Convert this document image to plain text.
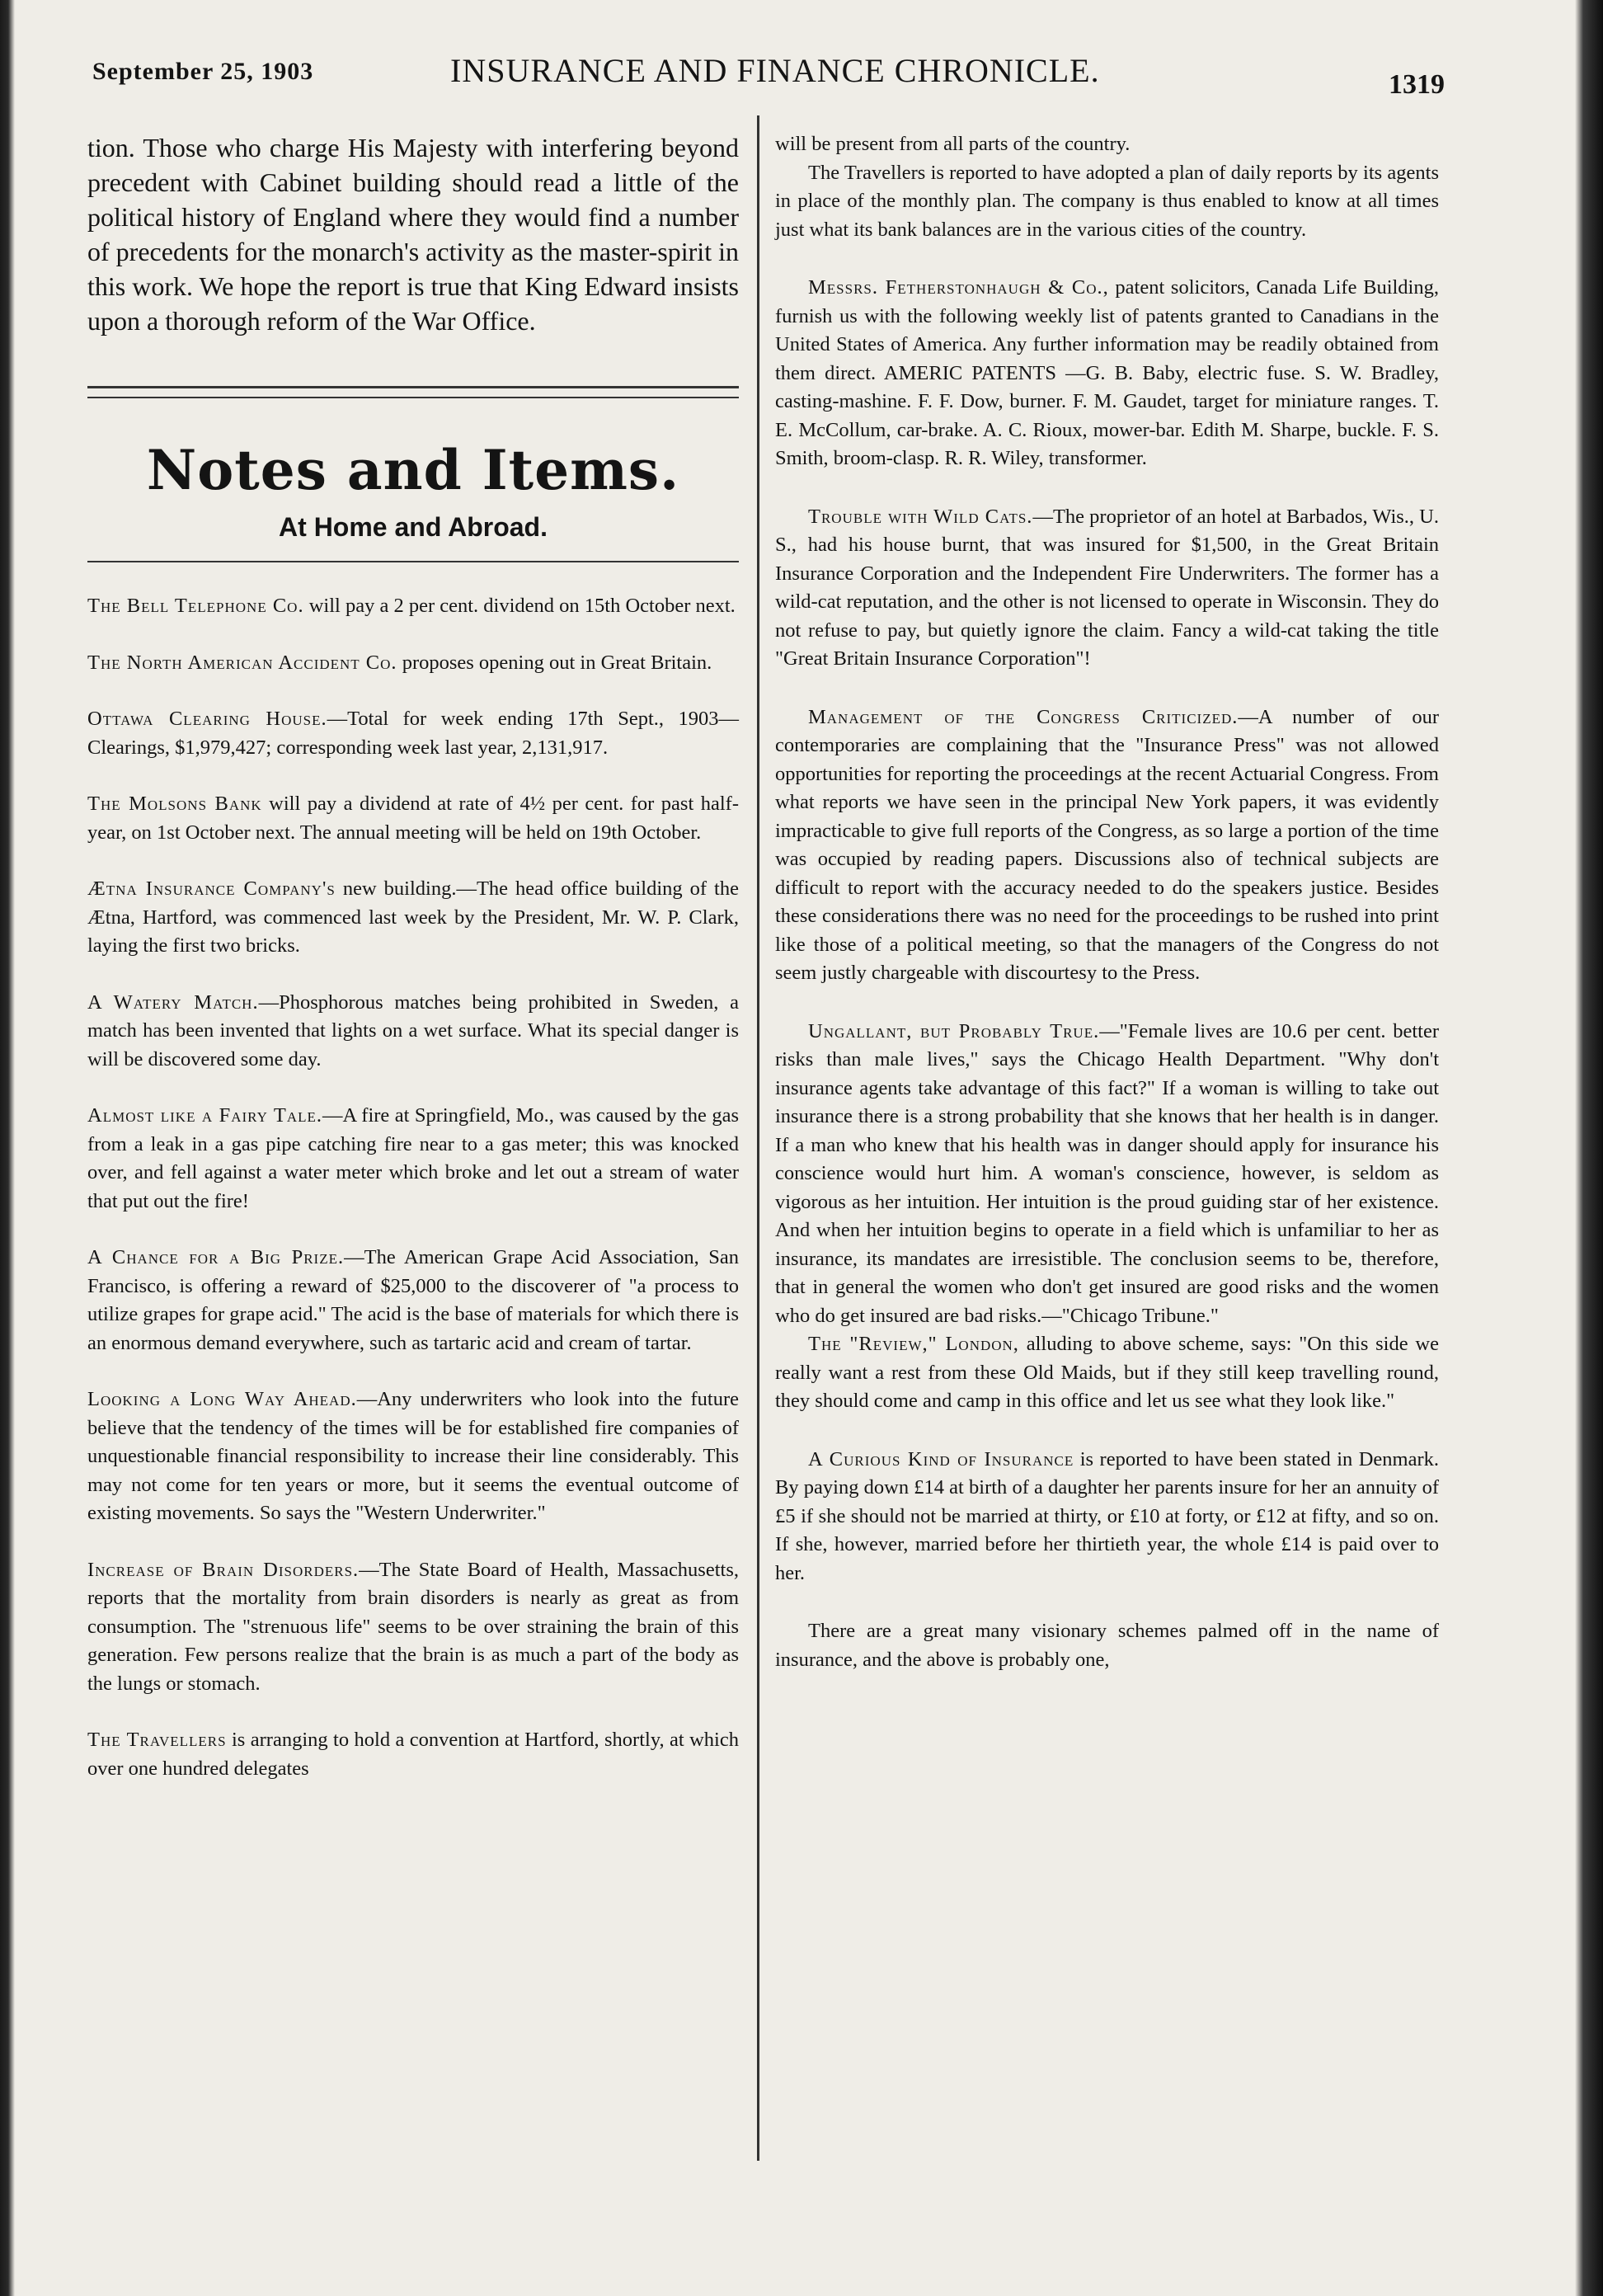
September 25, 1903	INSURANCE AND FINANCE CHRONICLE.	1319

tion. Those who charge His Majesty with interfering beyond precedent with Cabinet building should read a little of the political history of England where they would find a number of precedents for the monarch's activity as the master-spirit in this work. We hope the report is true that King Edward insists upon a thorough reform of the War Office.

Notes and Items.
At Home and Abroad.

The Bell Telephone Co. will pay a 2 per cent. dividend on 15th October next.

The North American Accident Co. proposes opening out in Great Britain.

Ottawa Clearing House.—Total for week ending 17th Sept., 1903—Clearings, $1,979,427; corresponding week last year, 2,131,917.

The Molsons Bank will pay a dividend at rate of 4½ per cent. for past half-year, on 1st October next. The annual meeting will be held on 19th October.

Ætna Insurance Company's new building.—The head office building of the Ætna, Hartford, was commenced last week by the President, Mr. W. P. Clark, laying the first two bricks.

A Watery Match.—Phosphorous matches being prohibited in Sweden, a match has been invented that lights on a wet surface. What its special danger is will be discovered some day.

Almost like a Fairy Tale.—A fire at Springfield, Mo., was caused by the gas from a leak in a gas pipe catching fire near to a gas meter; this was knocked over, and fell against a water meter which broke and let out a stream of water that put out the fire!

A Chance for a Big Prize.—The American Grape Acid Association, San Francisco, is offering a reward of $25,000 to the discoverer of "a process to utilize grapes for grape acid." The acid is the base of materials for which there is an enormous demand everywhere, such as tartaric acid and cream of tartar.

Looking a Long Way Ahead.—Any underwriters who look into the future believe that the tendency of the times will be for established fire companies of unquestionable financial responsibility to increase their line considerably. This may not come for ten years or more, but it seems the eventual outcome of existing movements. So says the "Western Underwriter."

Increase of Brain Disorders.—The State Board of Health, Massachusetts, reports that the mortality from brain disorders is nearly as great as from consumption. The "strenuous life" seems to be over straining the brain of this generation. Few persons realize that the brain is as much a part of the body as the lungs or stomach.

The Travellers is arranging to hold a convention at Hartford, shortly, at which over one hundred delegates

will be present from all parts of the country.

The Travellers is reported to have adopted a plan of daily reports by its agents in place of the monthly plan. The company is thus enabled to know at all times just what its bank balances are in the various cities of the country.

Messrs. Fetherstonhaugh & Co., patent solicitors, Canada Life Building, furnish us with the following weekly list of patents granted to Canadians in the United States of America. Any further information may be readily obtained from them direct. AMERIC PATENTS —G. B. Baby, electric fuse. S. W. Bradley, casting-mashine. F. F. Dow, burner. F. M. Gaudet, target for miniature ranges. T. E. McCollum, car-brake. A. C. Rioux, mower-bar. Edith M. Sharpe, buckle. F. S. Smith, broom-clasp. R. R. Wiley, transformer.

Trouble with Wild Cats.—The proprietor of an hotel at Barbados, Wis., U. S., had his house burnt, that was insured for $1,500, in the Great Britain Insurance Corporation and the Independent Fire Underwriters. The former has a wild-cat reputation, and the other is not licensed to operate in Wisconsin. They do not refuse to pay, but quietly ignore the claim. Fancy a wild-cat taking the title "Great Britain Insurance Corporation"!

Management of the Congress Criticized.—A number of our contemporaries are complaining that the "Insurance Press" was not allowed opportunities for reporting the proceedings at the recent Actuarial Congress. From what reports we have seen in the principal New York papers, it was evidently impracticable to give full reports of the Congress, as so large a portion of the time was occupied by reading papers. Discussions also of technical subjects are difficult to report with the accuracy needed to do the speakers justice. Besides these considerations there was no need for the proceedings to be rushed into print like those of a political meeting, so that the managers of the Congress do not seem justly chargeable with discourtesy to the Press.

Ungallant, but Probably True.—"Female lives are 10.6 per cent. better risks than male lives," says the Chicago Health Department. "Why don't insurance agents take advantage of this fact?" If a woman is willing to take out insurance there is a strong probability that she knows that her health is in danger. If a man who knew that his health was in danger should apply for insurance his conscience would hurt him. A woman's conscience, however, is seldom as vigorous as her intuition. Her intuition is the proud guiding star of her existence. And when her intuition begins to operate in a field which is unfamiliar to her as insurance, its mandates are irresistible. The conclusion seems to be, therefore, that in general the women who don't get insured are good risks and the women who do get insured are bad risks.—"Chicago Tribune."

The "Review," London, alluding to above scheme, says: "On this side we really want a rest from these Old Maids, but if they still keep travelling round, they should come and camp in this office and let us see what they look like."

A Curious Kind of Insurance is reported to have been stated in Denmark. By paying down £14 at birth of a daughter her parents insure for her an annuity of £5 if she should not be married at thirty, or £10 at forty, or £12 at fifty, and so on. If she, however, married before her thirtieth year, the whole £14 is paid over to her.

There are a great many visionary schemes palmed off in the name of insurance, and the above is probably one,
